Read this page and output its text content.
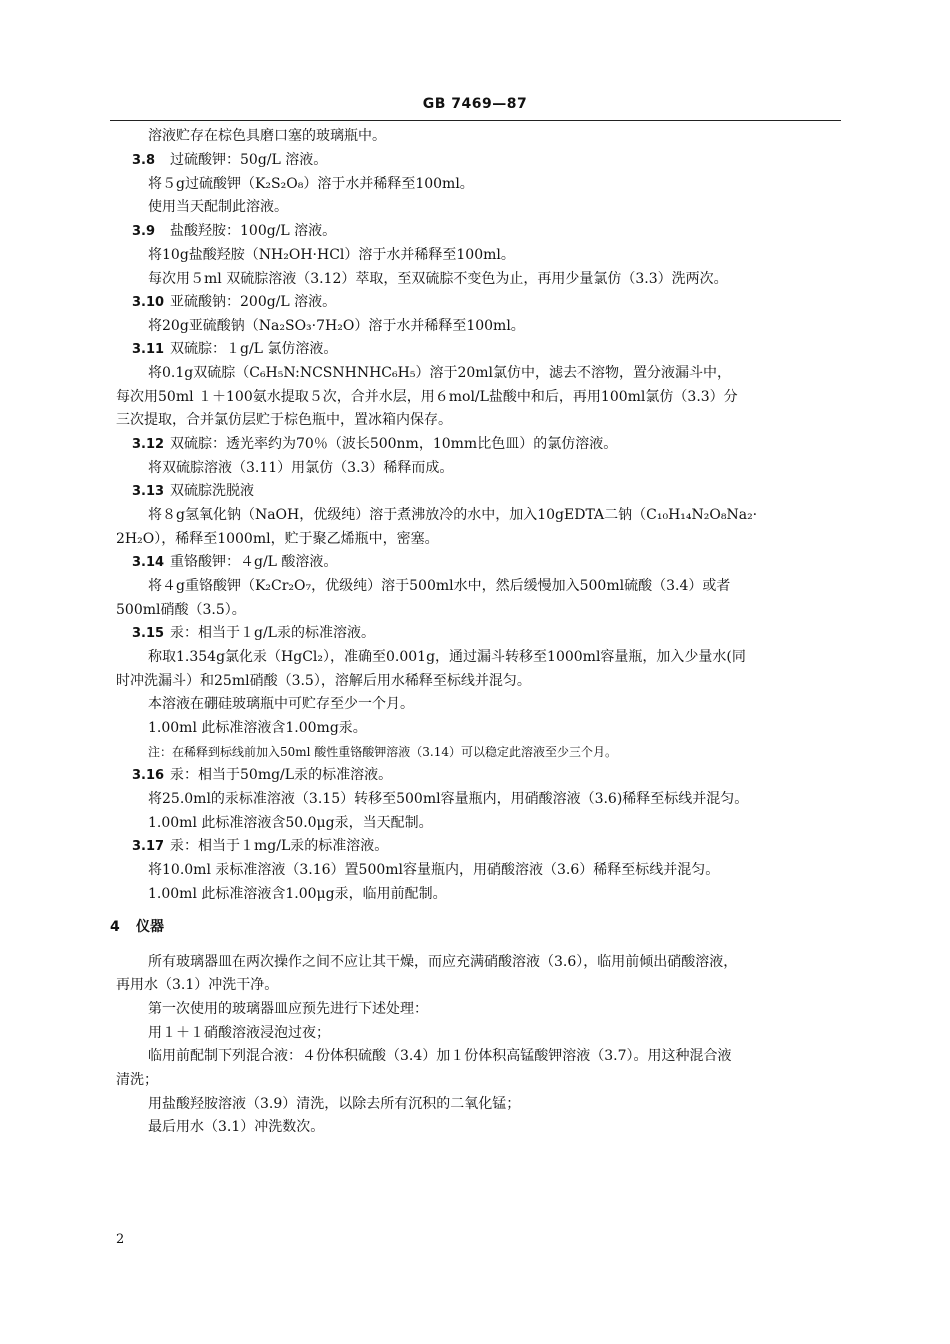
GB 7469—87
溶液贮存在棕色具磨口塞的玻璃瓶中。
3.8 过硫酸钾：50g/L 溶液。
将５g过硫酸钾（K₂S₂O₈）溶于水并稀释至100ml。
使用当天配制此溶液。
3.9 盐酸羟胺：100g/L 溶液。
将10g盐酸羟胺（NH₂OH·HCl）溶于水并稀释至100ml。
每次用５ml 双硫腙溶液（3.12）萃取，至双硫腙不变色为止，再用少量氯仿（3.3）洗两次。
3.10 亚硫酸钠：200g/L 溶液。
将20g亚硫酸钠（Na₂SO₃·7H₂O）溶于水并稀释至100ml。
3.11 双硫腙：１g/L 氯仿溶液。
将0.1g双硫腙（C₆H₅N:NCSNHNHC₆H₅）溶于20ml氯仿中，滤去不溶物，置分液漏斗中，
每次用50ml １＋100氨水提取５次，合并水层，用６mol/L盐酸中和后，再用100ml氯仿（3.3）分
三次提取，合并氯仿层贮于棕色瓶中，置冰箱内保存。
3.12 双硫腙：透光率约为70％（波长500nm，10mm比色皿）的氯仿溶液。
将双硫腙溶液（3.11）用氯仿（3.3）稀释而成。
3.13 双硫腙洗脱液
将８g氢氧化钠（NaOH，优级纯）溶于煮沸放冷的水中，加入10gEDTA二钠（C₁₀H₁₄N₂O₈Na₂·
2H₂O），稀释至1000ml，贮于聚乙烯瓶中，密塞。
3.14 重铬酸钾：４g/L 酸溶液。
将４g重铬酸钾（K₂Cr₂O₇，优级纯）溶于500ml水中，然后缓慢加入500ml硫酸（3.4）或者
500ml硝酸（3.5）。
3.15 汞：相当于１g/L汞的标准溶液。
称取1.354g氯化汞（HgCl₂），准确至0.001g，通过漏斗转移至1000ml容量瓶，加入少量水(同
时冲洗漏斗）和25ml硝酸（3.5），溶解后用水稀释至标线并混匀。
本溶液在硼硅玻璃瓶中可贮存至少一个月。
1.00ml 此标准溶液含1.00mg汞。
注：在稀释到标线前加入50ml 酸性重铬酸钾溶液（3.14）可以稳定此溶液至少三个月。
3.16 汞：相当于50mg/L汞的标准溶液。
将25.0ml的汞标准溶液（3.15）转移至500ml容量瓶内，用硝酸溶液（3.6)稀释至标线并混匀。
1.00ml 此标准溶液含50.0μg汞，当天配制。
3.17 汞：相当于１mg/L汞的标准溶液。
将10.0ml 汞标准溶液（3.16）置500ml容量瓶内，用硝酸溶液（3.6）稀释至标线并混匀。
1.00ml 此标准溶液含1.00μg汞，临用前配制。
4 仪器
所有玻璃器皿在两次操作之间不应让其干燥，而应充满硝酸溶液（3.6），临用前倾出硝酸溶液，
再用水（3.1）冲洗干净。
第一次使用的玻璃器皿应预先进行下述处理：
用１＋１硝酸溶液浸泡过夜；
临用前配制下列混合液：４份体积硫酸（3.4）加１份体积高锰酸钾溶液（3.7）。用这种混合液
清洗；
用盐酸羟胺溶液（3.9）清洗，以除去所有沉积的二氧化锰；
最后用水（3.1）冲洗数次。
2
